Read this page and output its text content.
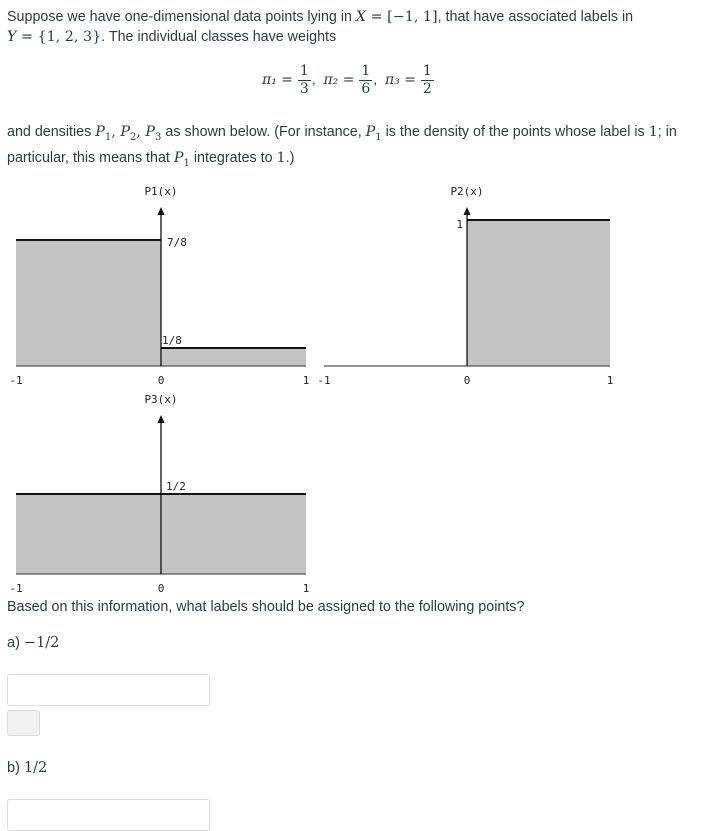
Suppose we have one-dimensional data points lying in X = [−1, 1], that have associated labels in
Y = {1, 2, 3}. The individual classes have weights
$\pi_1 = \frac{1}{3}$ , $\pi_2 = \frac{1}{6}$ , $\pi_3 = \frac{1}{2}$
and densities $P_1$, $P_2$, $P_3$ as shown below. (For instance, $P_1$ is the density of the points whose label is 1; in particular, this means that $P_1$ integrates to 1.)
P1(x)
7/8
1/8
-1	0	1
P2(x)
1
-1	0	1
P3(x)
1/2
-1	0	1
Based on this information, what labels should be assigned to the following points?
a) −1/2
b) 1/2
